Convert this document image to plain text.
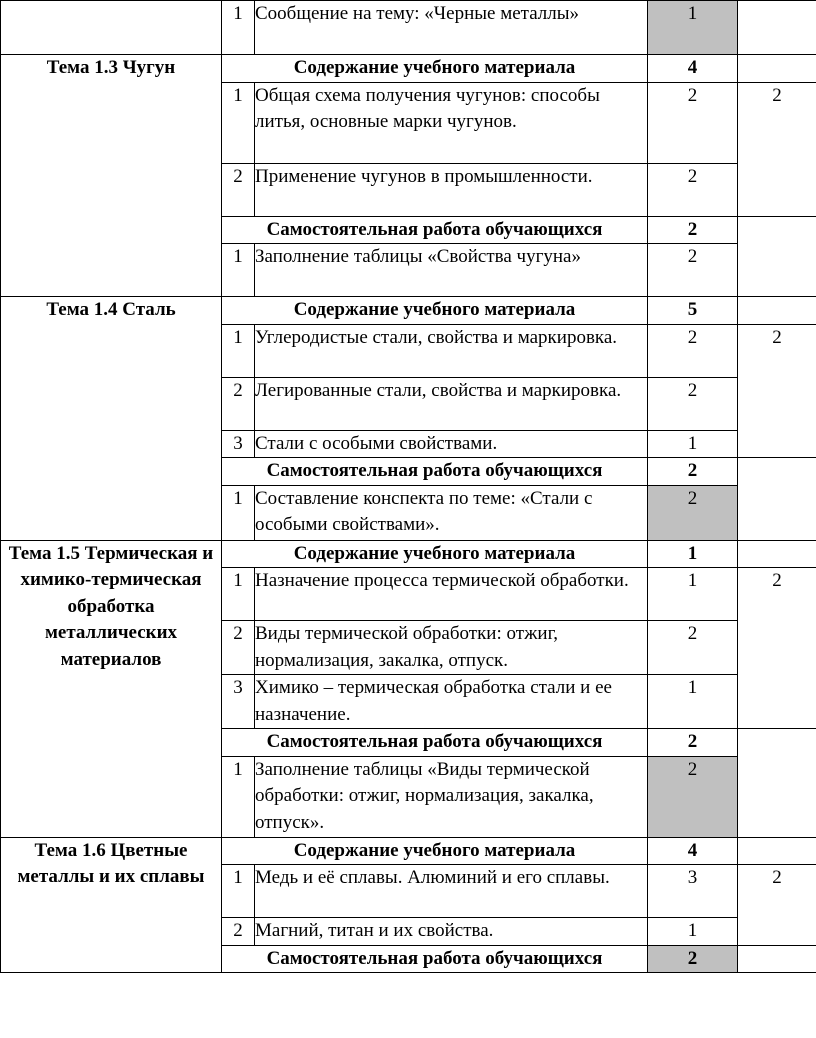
	1	Сообщение на тему: «Черные металлы»	1	
Тема 1.3 Чугун	Содержание учебного материала		4	
	1	Общая схема получения чугунов: способы литья, основные марки чугунов.	2	2
	2	Применение чугунов в промышленности.	2	
	Самостоятельная работа обучающихся		2	
	1	Заполнение таблицы «Свойства чугуна»	2	
Тема 1.4 Сталь	Содержание учебного материала		5	
	1	Углеродистые стали, свойства и маркировка.	2	2
	2	Легированные стали, свойства и маркировка.	2	
	3	Стали с особыми свойствами.	1	
	Самостоятельная работа обучающихся		2	
	1	Составление конспекта по теме: «Стали с особыми свойствами».	2	
Тема 1.5 Термическая и химико-термическая обработка металлических материалов	Содержание учебного материала		1	
	1	Назначение процесса термической обработки.	1	2
	2	Виды термической обработки: отжиг, нормализация, закалка, отпуск.	2	
	3	Химико – термическая обработка стали и ее назначение.	1	
	Самостоятельная работа обучающихся		2	
	1	Заполнение таблицы «Виды термической обработки: отжиг, нормализация, закалка, отпуск».	2	
Тема 1.6 Цветные металлы и их сплавы	Содержание учебного материала		4	
	1	Медь и её сплавы. Алюминий и его сплавы.	3	2
	2	Магний, титан и их свойства.	1	
	Самостоятельная работа обучающихся		2	
